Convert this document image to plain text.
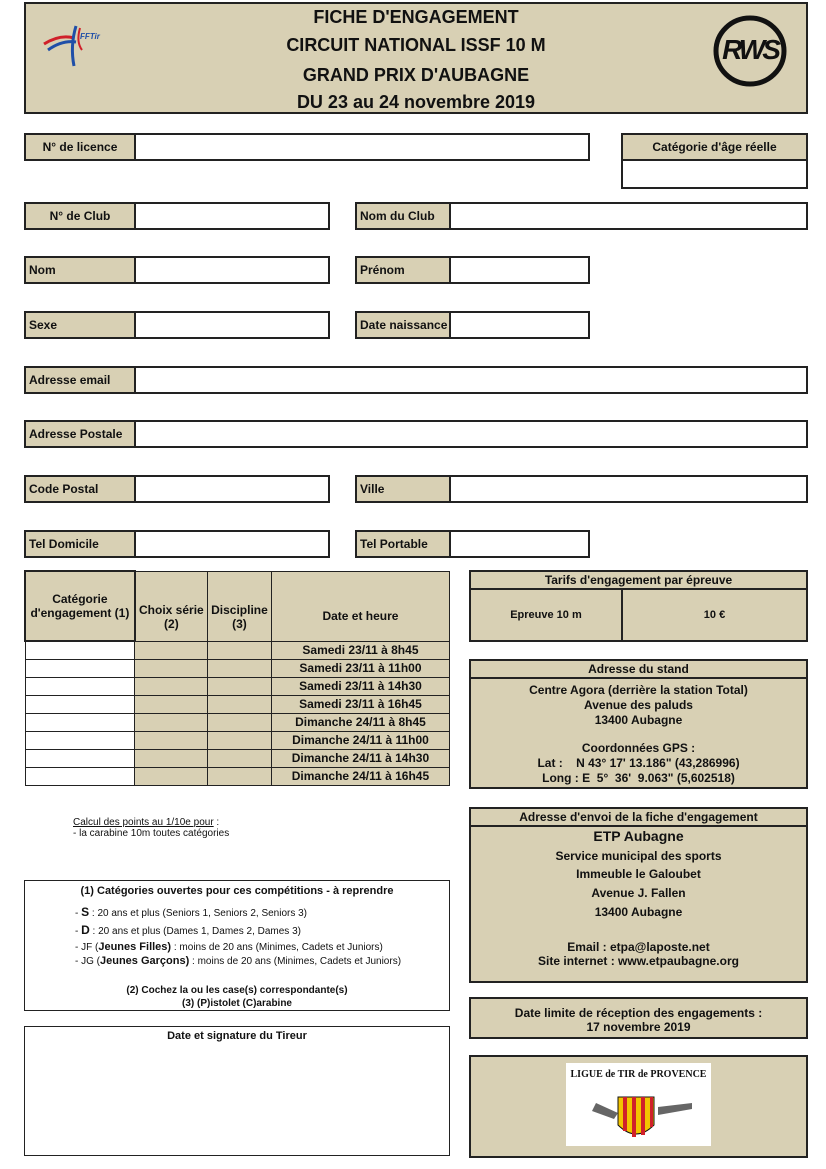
FFTir
FICHE D'ENGAGEMENT
CIRCUIT NATIONAL ISSF 10 M
GRAND PRIX D'AUBAGNE
DU 23 au 24 novembre 2019
RWS
N° de licence	Catégorie d'âge réelle
N° de Club	Nom du Club
Nom	Prénom
Sexe	Date naissance
Adresse email
Adresse Postale
Code Postal	Ville
Tel Domicile	Tel Portable
Catégorie d'engagement (1)	Choix série (2)	Discipline (3)	Date et heure
			Samedi 23/11 à 8h45
			Samedi 23/11 à 11h00
			Samedi 23/11 à 14h30
			Samedi 23/11 à 16h45
			Dimanche 24/11 à 8h45
			Dimanche 24/11 à 11h00
			Dimanche 24/11 à 14h30
			Dimanche 24/11 à 16h45
Tarifs d'engagement par épreuve
Epreuve 10 m	10 €
Adresse du stand
Centre Agora (derrière la station Total)
Avenue des paluds
13400 Aubagne
Coordonnées GPS :
Lat :    N 43° 17' 13.186" (43,286996)
Long : E  5°  36'  9.063" (5,602518)
Adresse d'envoi de la fiche d'engagement
ETP Aubagne
Service municipal des sports
Immeuble le Galoubet
Avenue J. Fallen
13400 Aubagne
Email : etpa@laposte.net
Site internet : www.etpaubagne.org
Date limite de réception des engagements :
17 novembre 2019
LIGUE de TIR de PROVENCE
Calcul des points au 1/10e pour :
- la carabine 10m toutes catégories
(1) Catégories ouvertes pour ces compétitions - à reprendre
- S : 20 ans et plus (Seniors 1, Seniors 2, Seniors 3)
- D : 20 ans et plus (Dames 1, Dames 2, Dames 3)
- JF (Jeunes Filles) : moins de 20 ans (Minimes, Cadets et Juniors)
- JG (Jeunes Garçons) : moins de 20 ans (Minimes, Cadets et Juniors)
(2) Cochez la ou les case(s) correspondante(s)
(3) (P)istolet (C)arabine
Date et signature du Tireur
